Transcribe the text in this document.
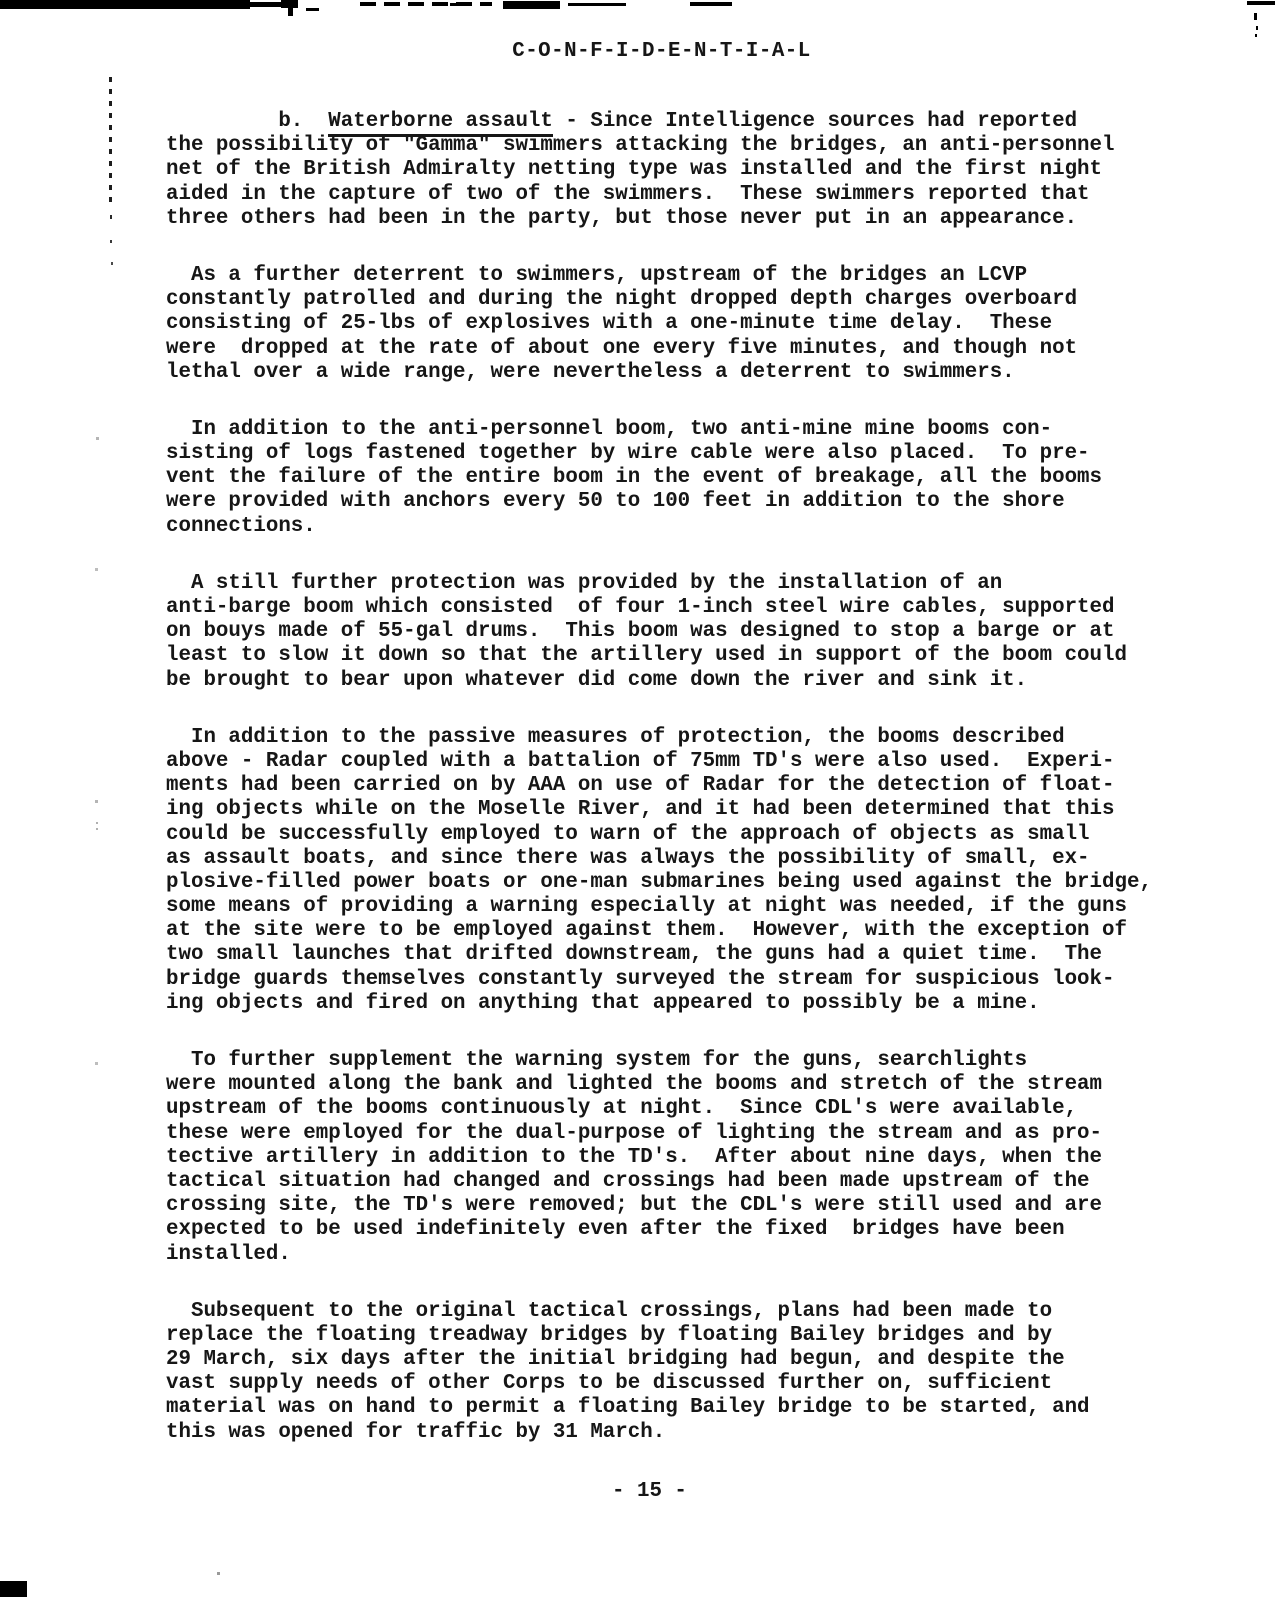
C-O-N-F-I-D-E-N-T-I-A-L
b.  Waterborne assault - Since Intelligence sources had reported
the possibility of "Gamma" swimmers attacking the bridges, an anti-personnel
net of the British Admiralty netting type was installed and the first night
aided in the capture of two of the swimmers.  These swimmers reported that
three others had been in the party, but those never put in an appearance.
As a further deterrent to swimmers, upstream of the bridges an LCVP
constantly patrolled and during the night dropped depth charges overboard
consisting of 25-lbs of explosives with a one-minute time delay.  These
were  dropped at the rate of about one every five minutes, and though not
lethal over a wide range, were nevertheless a deterrent to swimmers.
In addition to the anti-personnel boom, two anti-mine mine booms con-
sisting of logs fastened together by wire cable were also placed.  To pre-
vent the failure of the entire boom in the event of breakage, all the booms
were provided with anchors every 50 to 100 feet in addition to the shore
connections.
A still further protection was provided by the installation of an
anti-barge boom which consisted  of four 1-inch steel wire cables, supported
on bouys made of 55-gal drums.  This boom was designed to stop a barge or at
least to slow it down so that the artillery used in support of the boom could
be brought to bear upon whatever did come down the river and sink it.
In addition to the passive measures of protection, the booms described
above - Radar coupled with a battalion of 75mm TD's were also used.  Experi-
ments had been carried on by AAA on use of Radar for the detection of float-
ing objects while on the Moselle River, and it had been determined that this
could be successfully employed to warn of the approach of objects as small
as assault boats, and since there was always the possibility of small, ex-
plosive-filled power boats or one-man submarines being used against the bridge,
some means of providing a warning especially at night was needed, if the guns
at the site were to be employed against them.  However, with the exception of
two small launches that drifted downstream, the guns had a quiet time.  The
bridge guards themselves constantly surveyed the stream for suspicious look-
ing objects and fired on anything that appeared to possibly be a mine.
To further supplement the warning system for the guns, searchlights
were mounted along the bank and lighted the booms and stretch of the stream
upstream of the booms continuously at night.  Since CDL's were available,
these were employed for the dual-purpose of lighting the stream and as pro-
tective artillery in addition to the TD's.  After about nine days, when the
tactical situation had changed and crossings had been made upstream of the
crossing site, the TD's were removed; but the CDL's were still used and are
expected to be used indefinitely even after the fixed  bridges have been
installed.
Subsequent to the original tactical crossings, plans had been made to
replace the floating treadway bridges by floating Bailey bridges and by
29 March, six days after the initial bridging had begun, and despite the
vast supply needs of other Corps to be discussed further on, sufficient
material was on hand to permit a floating Bailey bridge to be started, and
this was opened for traffic by 31 March.
- 15 -
